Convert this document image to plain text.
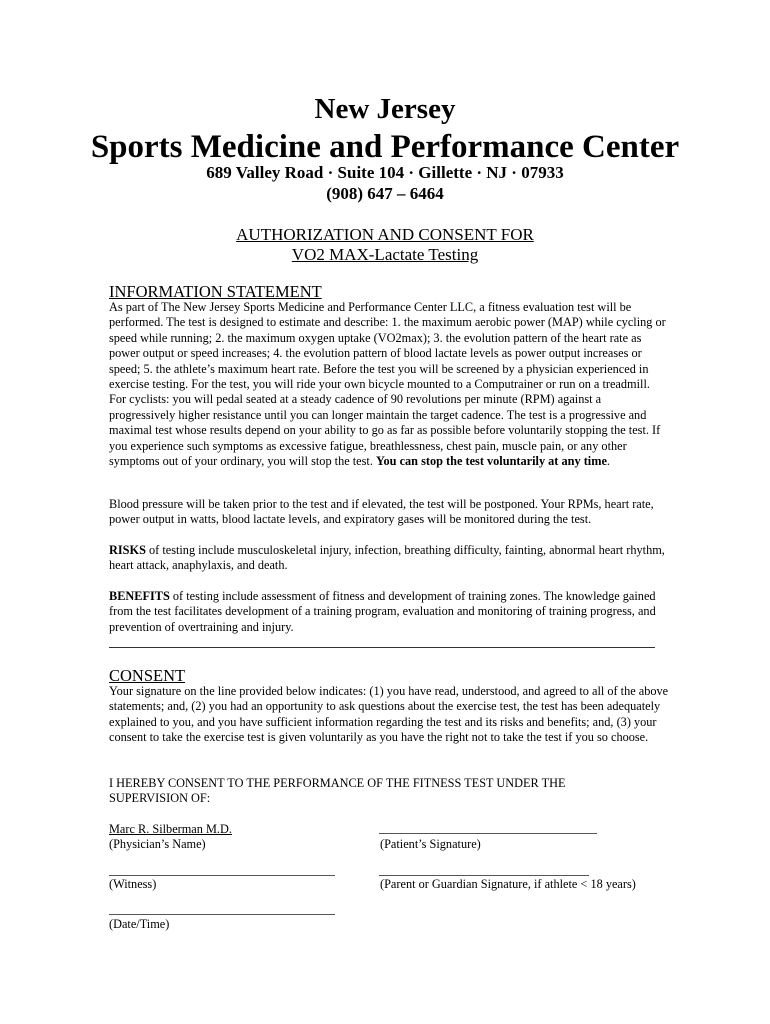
New Jersey
Sports Medicine and Performance Center
689 Valley Road · Suite 104 · Gillette · NJ · 07933
(908) 647 – 6464
AUTHORIZATION AND CONSENT FOR
VO2 MAX-Lactate Testing
INFORMATION STATEMENT
As part of The New Jersey Sports Medicine and Performance Center LLC, a fitness evaluation test will be performed. The test is designed to estimate and describe: 1. the maximum aerobic power (MAP) while cycling or speed while running; 2. the maximum oxygen uptake (VO2max); 3. the evolution pattern of the heart rate as power output or speed increases; 4. the evolution pattern of blood lactate levels as power output increases or speed; 5. the athlete’s maximum heart rate. Before the test you will be screened by a physician experienced in exercise testing. For the test, you will ride your own bicycle mounted to a Computrainer or run on a treadmill. For cyclists: you will pedal seated at a steady cadence of 90 revolutions per minute (RPM) against a progressively higher resistance until you can longer maintain the target cadence. The test is a progressive and maximal test whose results depend on your ability to go as far as possible before voluntarily stopping the test. If you experience such symptoms as excessive fatigue, breathlessness, chest pain, muscle pain, or any other symptoms out of your ordinary, you will stop the test. You can stop the test voluntarily at any time.
Blood pressure will be taken prior to the test and if elevated, the test will be postponed. Your RPMs, heart rate, power output in watts, blood lactate levels, and expiratory gases will be monitored during the test.
RISKS of testing include musculoskeletal injury, infection, breathing difficulty, fainting, abnormal heart rhythm, heart attack, anaphylaxis, and death.
BENEFITS of testing include assessment of fitness and development of training zones. The knowledge gained from the test facilitates development of a training program, evaluation and monitoring of training progress, and prevention of overtraining and injury.
CONSENT
Your signature on the line provided below indicates: (1) you have read, understood, and agreed to all of the above statements; and, (2) you had an opportunity to ask questions about the exercise test, the test has been adequately explained to you, and you have sufficient information regarding the test and its risks and benefits; and, (3) your consent to take the exercise test is given voluntarily as you have the right not to take the test if you so choose.
I HEREBY CONSENT TO THE PERFORMANCE OF THE FITNESS TEST UNDER THE SUPERVISION OF:
Marc R. Silberman M.D.
(Physician’s Name)	(Patient’s Signature)
(Witness)	(Parent or Guardian Signature, if athlete < 18 years)
(Date/Time)
